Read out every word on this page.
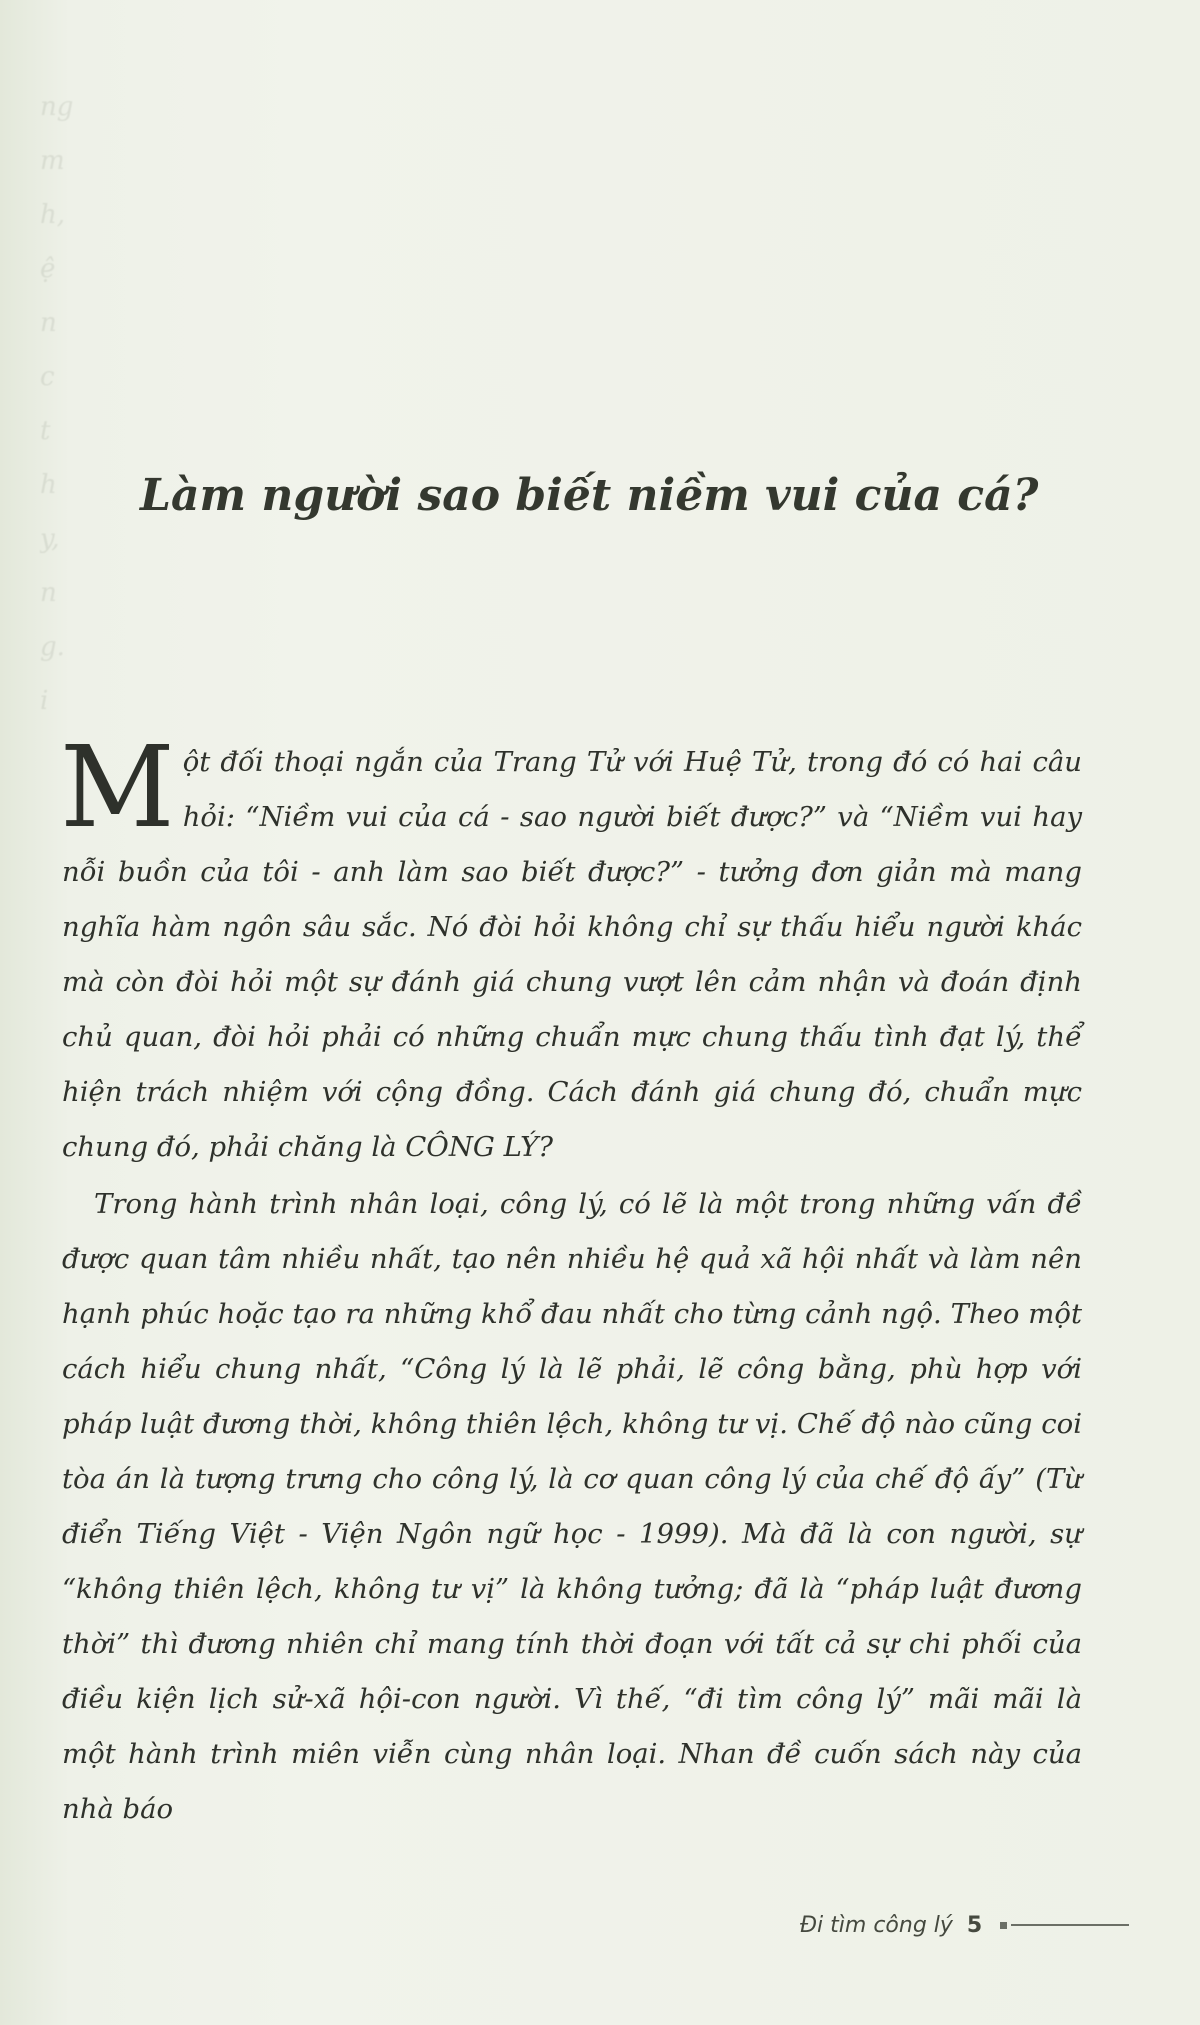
ng
m
h,
ệ
n
c
t
h
y,
n
g.
i
Làm người sao biết niềm vui của cá?

Một đối thoại ngắn của Trang Tử với Huệ Tử, trong đó có hai câu hỏi: “Niềm vui của cá - sao người biết được?” và “Niềm vui hay nỗi buồn của tôi - anh làm sao biết được?” - tưởng đơn giản mà mang nghĩa hàm ngôn sâu sắc. Nó đòi hỏi không chỉ sự thấu hiểu người khác mà còn đòi hỏi một sự đánh giá chung vượt lên cảm nhận và đoán định chủ quan, đòi hỏi phải có những chuẩn mực chung thấu tình đạt lý, thể hiện trách nhiệm với cộng đồng. Cách đánh giá chung đó, chuẩn mực chung đó, phải chăng là CÔNG LÝ?

Trong hành trình nhân loại, công lý, có lẽ là một trong những vấn đề được quan tâm nhiều nhất, tạo nên nhiều hệ quả xã hội nhất và làm nên hạnh phúc hoặc tạo ra những khổ đau nhất cho từng cảnh ngộ. Theo một cách hiểu chung nhất, “Công lý là lẽ phải, lẽ công bằng, phù hợp với pháp luật đương thời, không thiên lệch, không tư vị. Chế độ nào cũng coi tòa án là tượng trưng cho công lý, là cơ quan công lý của chế độ ấy” (Từ điển Tiếng Việt - Viện Ngôn ngữ học - 1999). Mà đã là con người, sự “không thiên lệch, không tư vị” là không tưởng; đã là “pháp luật đương thời” thì đương nhiên chỉ mang tính thời đoạn với tất cả sự chi phối của điều kiện lịch sử-xã hội-con người. Vì thế, “đi tìm công lý” mãi mãi là một hành trình miên viễn cùng nhân loại. Nhan đề cuốn sách này của nhà báo

Đi tìm công lý 5
